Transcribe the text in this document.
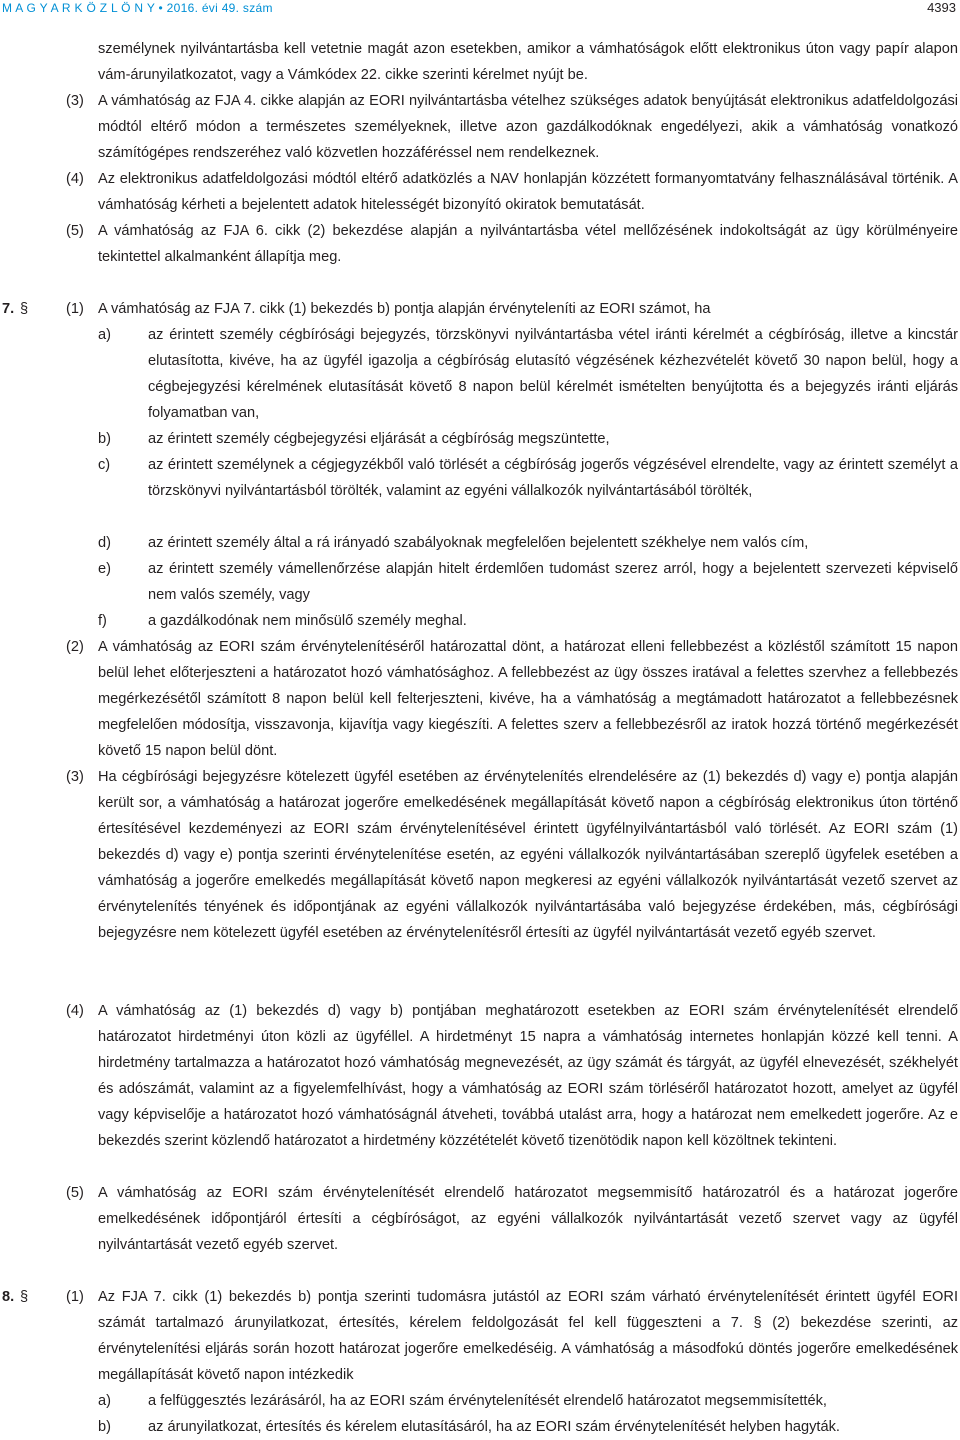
M A G Y A R K Ö Z L Ö N Y • 2016. évi 49. szám	4393
személynek nyilvántartásba kell vetetnie magát azon esetekben, amikor a vámhatóságok előtt elektronikus úton vagy papír alapon vám-árunyilatkozatot, vagy a Vámkódex 22. cikke szerinti kérelmet nyújt be.
(3) A vámhatóság az FJA 4. cikke alapján az EORI nyilvántartásba vételhez szükséges adatok benyújtását elektronikus adatfeldolgozási módtól eltérő módon a természetes személyeknek, illetve azon gazdálkodóknak engedélyezi, akik a vámhatóság vonatkozó számítógépes rendszeréhez való közvetlen hozzáféréssel nem rendelkeznek.
(4) Az elektronikus adatfeldolgozási módtól eltérő adatközlés a NAV honlapján közzétett formanyomtatvány felhasználásával történik. A vámhatóság kérheti a bejelentett adatok hitelességét bizonyító okiratok bemutatását.
(5) A vámhatóság az FJA 6. cikk (2) bekezdése alapján a nyilvántartásba vétel mellőzésének indokoltságát az ügy körülményeire tekintettel alkalmanként állapítja meg.
7. §	(1) A vámhatóság az FJA 7. cikk (1) bekezdés b) pontja alapján érvényteleníti az EORI számot, ha
a)	az érintett személy cégbírósági bejegyzés, törzskönyvi nyilvántartásba vétel iránti kérelmét a cégbíróság, illetve a kincstár elutasította, kivéve, ha az ügyfél igazolja a cégbíróság elutasító végzésének kézhezvételét követő 30 napon belül, hogy a cégbejegyzési kérelmének elutasítását követő 8 napon belül kérelmét ismételten benyújtotta és a bejegyzés iránti eljárás folyamatban van,
b)	az érintett személy cégbejegyzési eljárását a cégbíróság megszüntette,
c)	az érintett személynek a cégjegyzékből való törlését a cégbíróság jogerős végzésével elrendelte, vagy az érintett személyt a törzskönyvi nyilvántartásból törölték, valamint az egyéni vállalkozók nyilvántartásából törölték,
d)	az érintett személy által a rá irányadó szabályoknak megfelelően bejelentett székhelye nem valós cím,
e)	az érintett személy vámellenőrzése alapján hitelt érdemlően tudomást szerez arról, hogy a bejelentett szervezeti képviselő nem valós személy, vagy
f)	a gazdálkodónak nem minősülő személy meghal.
(2) A vámhatóság az EORI szám érvénytelenítéséről határozattal dönt, a határozat elleni fellebbezést a közléstől számított 15 napon belül lehet előterjeszteni a határozatot hozó vámhatósághoz. A fellebbezést az ügy összes iratával a felettes szervhez a fellebbezés megérkezésétől számított 8 napon belül kell felterjeszteni, kivéve, ha a vámhatóság a megtámadott határozatot a fellebbezésnek megfelelően módosítja, visszavonja, kijavítja vagy kiegészíti. A felettes szerv a fellebbezésről az iratok hozzá történő megérkezését követő 15 napon belül dönt.
(3) Ha cégbírósági bejegyzésre kötelezett ügyfél esetében az érvénytelenítés elrendelésére az (1) bekezdés d) vagy e) pontja alapján került sor, a vámhatóság a határozat jogerőre emelkedésének megállapítását követő napon a cégbíróság elektronikus úton történő értesítésével kezdeményezi az EORI szám érvénytelenítésével érintett ügyfélnyilvántartásból való törlését. Az EORI szám (1) bekezdés d) vagy e) pontja szerinti érvénytelenítése esetén, az egyéni vállalkozók nyilvántartásában szereplő ügyfelek esetében a vámhatóság a jogerőre emelkedés megállapítását követő napon megkeresi az egyéni vállalkozók nyilvántartását vezető szervet az érvénytelenítés tényének és időpontjának az egyéni vállalkozók nyilvántartásába való bejegyzése érdekében, más, cégbírósági bejegyzésre nem kötelezett ügyfél esetében az érvénytelenítésről értesíti az ügyfél nyilvántartását vezető egyéb szervet.
(4) A vámhatóság az (1) bekezdés d) vagy b) pontjában meghatározott esetekben az EORI szám érvénytelenítését elrendelő határozatot hirdetményi úton közli az ügyféllel. A hirdetményt 15 napra a vámhatóság internetes honlapján közzé kell tenni. A hirdetmény tartalmazza a határozatot hozó vámhatóság megnevezését, az ügy számát és tárgyát, az ügyfél elnevezését, székhelyét és adószámát, valamint az a figyelemfelhívást, hogy a vámhatóság az EORI szám törléséről határozatot hozott, amelyet az ügyfél vagy képviselője a határozatot hozó vámhatóságnál átveheti, továbbá utalást arra, hogy a határozat nem emelkedett jogerőre. Az e bekezdés szerint közlendő határozatot a hirdetmény közzétételét követő tizenötödik napon kell közöltnek tekinteni.
(5) A vámhatóság az EORI szám érvénytelenítését elrendelő határozatot megsemmisítő határozatról és a határozat jogerőre emelkedésének időpontjáról értesíti a cégbíróságot, az egyéni vállalkozók nyilvántartását vezető szervet vagy az ügyfél nyilvántartását vezető egyéb szervet.
8. §	(1) Az FJA 7. cikk (1) bekezdés b) pontja szerinti tudomásra jutástól az EORI szám várható érvénytelenítését érintett ügyfél EORI számát tartalmazó árunyilatkozat, értesítés, kérelem feldolgozását fel kell függeszteni a 7. § (2) bekezdése szerinti, az érvénytelenítési eljárás során hozott határozat jogerőre emelkedéséig. A vámhatóság a másodfokú döntés jogerőre emelkedésének megállapítását követő napon intézkedik
a)	a felfüggesztés lezárásáról, ha az EORI szám érvénytelenítését elrendelő határozatot megsemmisítették,
b)	az árunyilatkozat, értesítés és kérelem elutasításáról, ha az EORI szám érvénytelenítését helyben hagyták.
